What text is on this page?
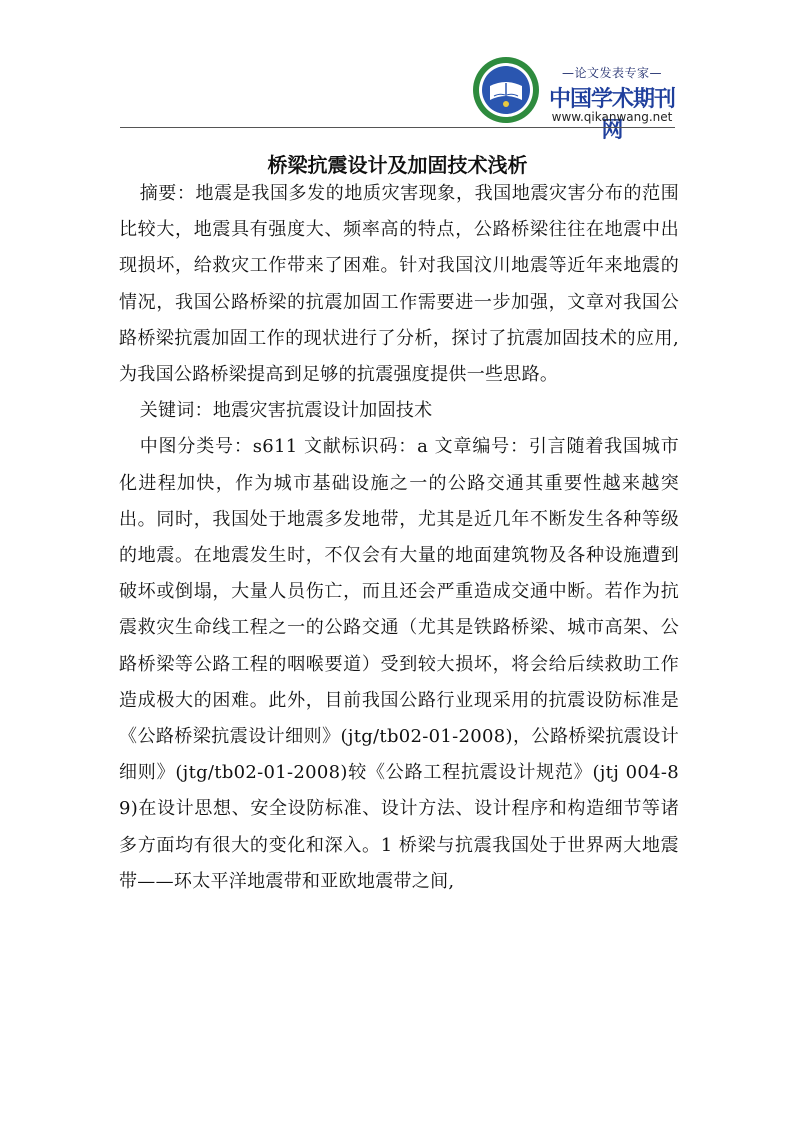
—论文发表专家—
中国学术期刊网
www.qikanwang.net
桥梁抗震设计及加固技术浅析

摘要：地震是我国多发的地质灾害现象，我国地震灾害分布的范围比较大，地震具有强度大、频率高的特点，公路桥梁往往在地震中出现损坏，给救灾工作带来了困难。针对我国汶川地震等近年来地震的情况，我国公路桥梁的抗震加固工作需要进一步加强，文章对我国公路桥梁抗震加固工作的现状进行了分析，探讨了抗震加固技术的应用,为我国公路桥梁提高到足够的抗震强度提供一些思路。

关键词：地震灾害抗震设计加固技术

中图分类号：s611 文献标识码：a 文章编号：引言随着我国城市化进程加快，作为城市基础设施之一的公路交通其重要性越来越突出。同时，我国处于地震多发地带，尤其是近几年不断发生各种等级的地震。在地震发生时，不仅会有大量的地面建筑物及各种设施遭到破坏或倒塌，大量人员伤亡，而且还会严重造成交通中断。若作为抗震救灾生命线工程之一的公路交通（尤其是铁路桥梁、城市高架、公路桥梁等公路工程的咽喉要道）受到较大损坏，将会给后续救助工作造成极大的困难。此外，目前我国公路行业现采用的抗震设防标准是《公路桥梁抗震设计细则》(jtg/tb02-01-2008)，公路桥梁抗震设计细则》(jtg/tb02-01-2008)较《公路工程抗震设计规范》(jtj 004-89)在设计思想、安全设防标准、设计方法、设计程序和构造细节等诸多方面均有很大的变化和深入。1 桥梁与抗震我国处于世界两大地震带——环太平洋地震带和亚欧地震带之间,
